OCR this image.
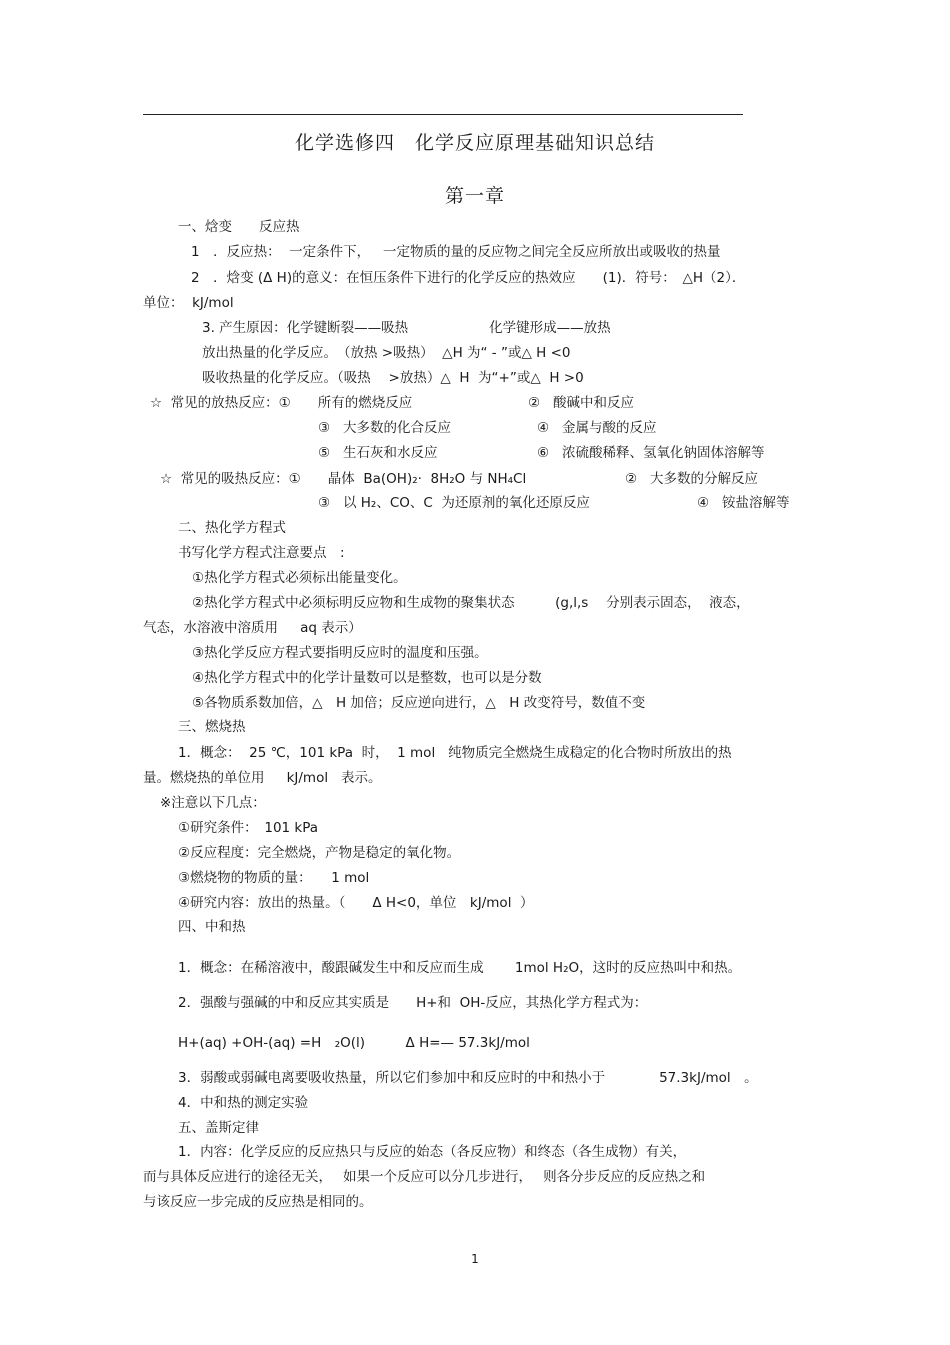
化学选修四　化学反应原理基础知识总结
第一章
一、焓变　　反应热
1　．反应热：  一定条件下，   一定物质的量的反应物之间完全反应所放出或吸收的热量
2　．焓变 (Δ H)的意义：在恒压条件下进行的化学反应的热效应　　(1)．符号：　△H（2）．
单位：  kJ/mol
3. 产生原因：化学键断裂——吸热　　　　　　化学键形成——放热
放出热量的化学反应。　（放热 >吸热）  △H 为“ - ”或△ H <0
吸收热量的化学反应。（吸热　 >放热）△  H  为“+”或△  H >0
☆  常见的放热反应：①　　所有的燃烧反应	②   酸碱中和反应
③   大多数的化合反应	④   金属与酸的反应
⑤   生石灰和水反应	⑥   浓硫酸稀释、氢氧化钠固体溶解等
☆  常见的吸热反应：①　　晶体  Ba(OH)₂·  8H₂O 与 NH₄Cl	②   大多数的分解反应
③   以 H₂、CO、C  为还原剂的氧化还原反应	④   铵盐溶解等
二、热化学方程式
书写化学方程式注意要点　:
①热化学方程式必须标出能量变化。
②热化学方程式中必须标明反应物和生成物的聚集状态　　　(g,l,s　 分别表示固态，  液态，
气态，水溶液中溶质用　  aq 表示）
③热化学反应方程式要指明反应时的温度和压强。
④热化学方程式中的化学计量数可以是整数，也可以是分数
⑤各物质系数加倍，△　H 加倍；反应逆向进行，△　H 改变符号，数值不变
三、燃烧热
1．概念：  25 ℃，101 kPa  时，  1 mol   纯物质完全燃烧生成稳定的化合物时所放出的热
量。燃烧热的单位用　  kJ/mol   表示。
※注意以下几点：
①研究条件：　101 kPa
②反应程度：完全燃烧，产物是稳定的氧化物。
③燃烧物的物质的量：　   1 mol
④研究内容：放出的热量。（　　Δ H<0，单位　kJ/mol  ）
四、中和热
1．概念：在稀溶液中，酸跟碱发生中和反应而生成　　 1mol H₂O，这时的反应热叫中和热。
2．强酸与强碱的中和反应其实质是　　H+和  OH-反应，其热化学方程式为：
H+(aq) +OH-(aq) =H　₂O(l)　　　Δ H=— 57.3kJ/mol
3．弱酸或弱碱电离要吸收热量，所以它们参加中和反应时的中和热小于　　　　57.3kJ/mol　。
4．中和热的测定实验
五、盖斯定律
1．内容：化学反应的反应热只与反应的始态（各反应物）和终态（各生成物）有关，
而与具体反应进行的途径无关，　 如果一个反应可以分几步进行，　 则各分步反应的反应热之和
与该反应一步完成的反应热是相同的。
1
